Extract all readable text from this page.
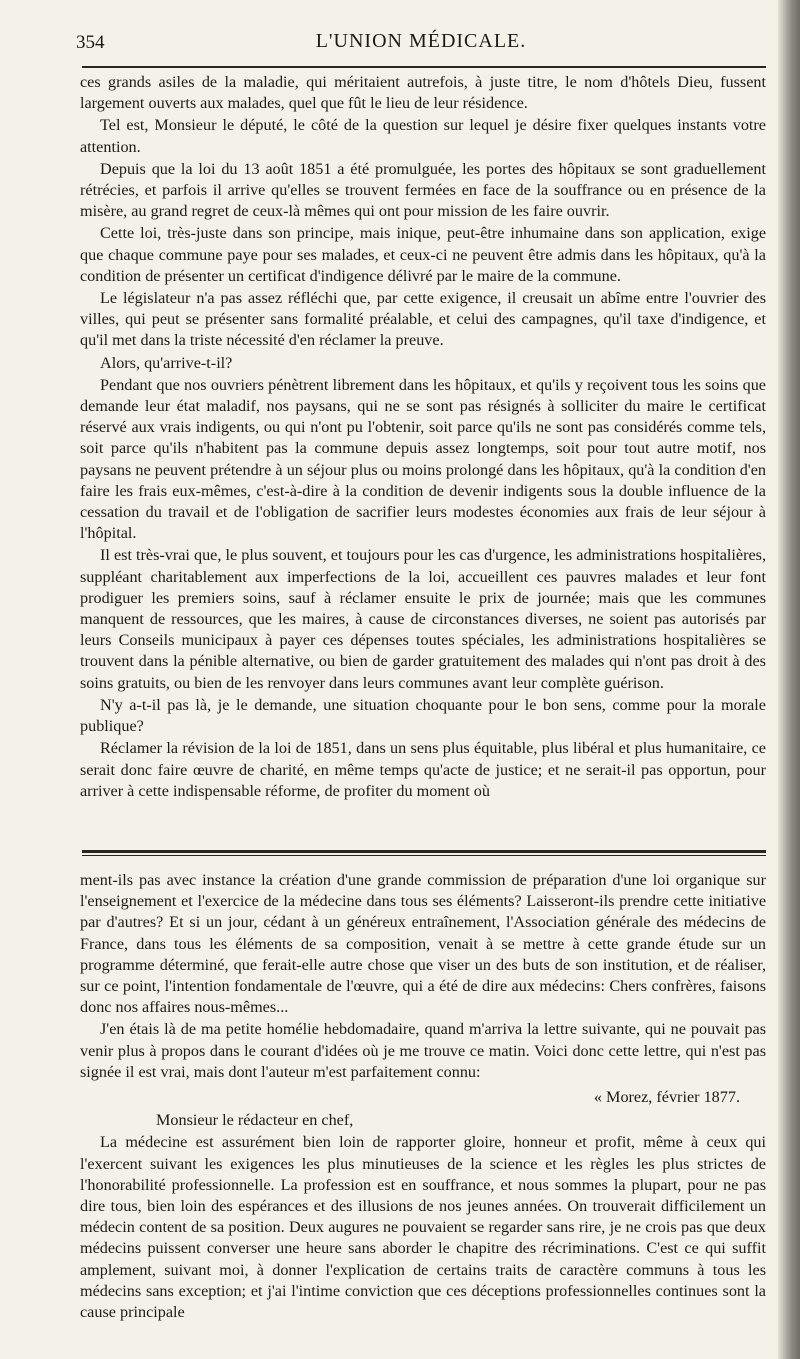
354	L'UNION MÉDICALE.

ces grands asiles de la maladie, qui méritaient autrefois, à juste titre, le nom d'hôtels Dieu, fussent largement ouverts aux malades, quel que fût le lieu de leur résidence.

Tel est, Monsieur le député, le côté de la question sur lequel je désire fixer quelques instants votre attention.

Depuis que la loi du 13 août 1851 a été promulguée, les portes des hôpitaux se sont graduellement rétrécies, et parfois il arrive qu'elles se trouvent fermées en face de la souffrance ou en présence de la misère, au grand regret de ceux-là mêmes qui ont pour mission de les faire ouvrir.

Cette loi, très-juste dans son principe, mais inique, peut-être inhumaine dans son application, exige que chaque commune paye pour ses malades, et ceux-ci ne peuvent être admis dans les hôpitaux, qu'à la condition de présenter un certificat d'indigence délivré par le maire de la commune.

Le législateur n'a pas assez réfléchi que, par cette exigence, il creusait un abîme entre l'ouvrier des villes, qui peut se présenter sans formalité préalable, et celui des campagnes, qu'il taxe d'indigence, et qu'il met dans la triste nécessité d'en réclamer la preuve.

Alors, qu'arrive-t-il?

Pendant que nos ouvriers pénètrent librement dans les hôpitaux, et qu'ils y reçoivent tous les soins que demande leur état maladif, nos paysans, qui ne se sont pas résignés à solliciter du maire le certificat réservé aux vrais indigents, ou qui n'ont pu l'obtenir, soit parce qu'ils ne sont pas considérés comme tels, soit parce qu'ils n'habitent pas la commune depuis assez longtemps, soit pour tout autre motif, nos paysans ne peuvent prétendre à un séjour plus ou moins prolongé dans les hôpitaux, qu'à la condition d'en faire les frais eux-mêmes, c'est-à-dire à la condition de devenir indigents sous la double influence de la cessation du travail et de l'obligation de sacrifier leurs modestes économies aux frais de leur séjour à l'hôpital.

Il est très-vrai que, le plus souvent, et toujours pour les cas d'urgence, les administrations hospitalières, suppléant charitablement aux imperfections de la loi, accueillent ces pauvres malades et leur font prodiguer les premiers soins, sauf à réclamer ensuite le prix de journée; mais que les communes manquent de ressources, que les maires, à cause de circonstances diverses, ne soient pas autorisés par leurs Conseils municipaux à payer ces dépenses toutes spéciales, les administrations hospitalières se trouvent dans la pénible alternative, ou bien de garder gratuitement des malades qui n'ont pas droit à des soins gratuits, ou bien de les renvoyer dans leurs communes avant leur complète guérison.

N'y a-t-il pas là, je le demande, une situation choquante pour le bon sens, comme pour la morale publique?

Réclamer la révision de la loi de 1851, dans un sens plus équitable, plus libéral et plus humanitaire, ce serait donc faire œuvre de charité, en même temps qu'acte de justice; et ne serait-il pas opportun, pour arriver à cette indispensable réforme, de profiter du moment où

ment-ils pas avec instance la création d'une grande commission de préparation d'une loi organique sur l'enseignement et l'exercice de la médecine dans tous ses éléments? Laisseront-ils prendre cette initiative par d'autres? Et si un jour, cédant à un généreux entraînement, l'Association générale des médecins de France, dans tous les éléments de sa composition, venait à se mettre à cette grande étude sur un programme déterminé, que ferait-elle autre chose que viser un des buts de son institution, et de réaliser, sur ce point, l'intention fondamentale de l'œuvre, qui a été de dire aux médecins: Chers confrères, faisons donc nos affaires nous-mêmes...

J'en étais là de ma petite homélie hebdomadaire, quand m'arriva la lettre suivante, qui ne pouvait pas venir plus à propos dans le courant d'idées où je me trouve ce matin. Voici donc cette lettre, qui n'est pas signée il est vrai, mais dont l'auteur m'est parfaitement connu:

« Morez, février 1877.

Monsieur le rédacteur en chef,

La médecine est assurément bien loin de rapporter gloire, honneur et profit, même à ceux qui l'exercent suivant les exigences les plus minutieuses de la science et les règles les plus strictes de l'honorabilité professionnelle. La profession est en souffrance, et nous sommes la plupart, pour ne pas dire tous, bien loin des espérances et des illusions de nos jeunes années. On trouverait difficilement un médecin content de sa position. Deux augures ne pouvaient se regarder sans rire, je ne crois pas que deux médecins puissent converser une heure sans aborder le chapitre des récriminations. C'est ce qui suffit amplement, suivant moi, à donner l'explication de certains traits de caractère communs à tous les médecins sans exception; et j'ai l'intime conviction que ces déceptions professionnelles continues sont la cause principale
